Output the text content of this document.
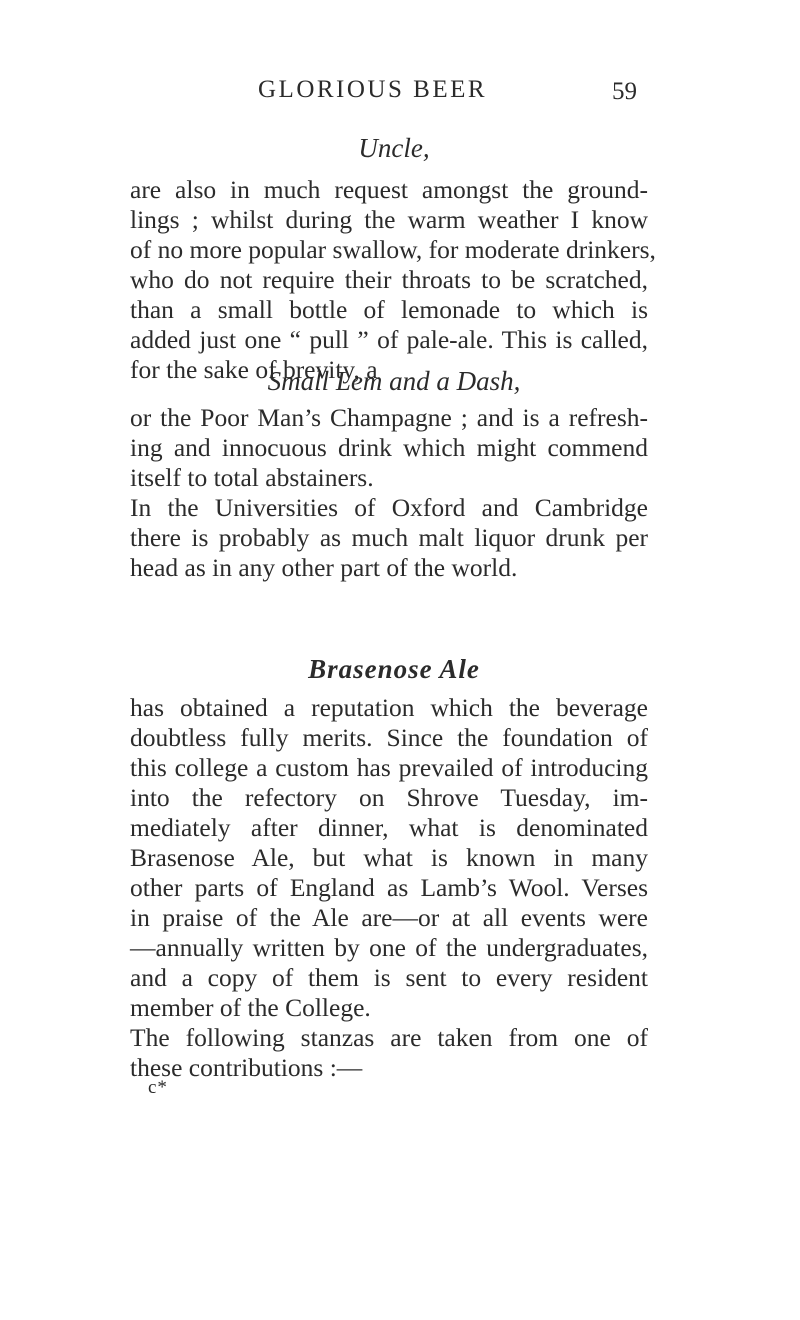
GLORIOUS BEER	59
Uncle,

are also in much request amongst the ground-
lings ; whilst during the warm weather I know
of no more popular swallow, for moderate drinkers,
who do not require their throats to be scratched,
than a small bottle of lemonade to which is
added just one “ pull ” of pale-ale. This is called,
for the sake of brevity, a

Small Lem and a Dash,

or the Poor Man’s Champagne ; and is a refresh-
ing and innocuous drink which might commend
itself to total abstainers.
In the Universities of Oxford and Cambridge
there is probably as much malt liquor drunk per
head as in any other part of the world.

Brasenose Ale

has obtained a reputation which the beverage
doubtless fully merits. Since the foundation of
this college a custom has prevailed of introducing
into the refectory on Shrove Tuesday, im-
mediately after dinner, what is denominated
Brasenose Ale, but what is known in many
other parts of England as Lamb’s Wool. Verses
in praise of the Ale are—or at all events were
—annually written by one of the undergraduates,
and a copy of them is sent to every resident
member of the College.
The following stanzas are taken from one of
these contributions :—

c*
